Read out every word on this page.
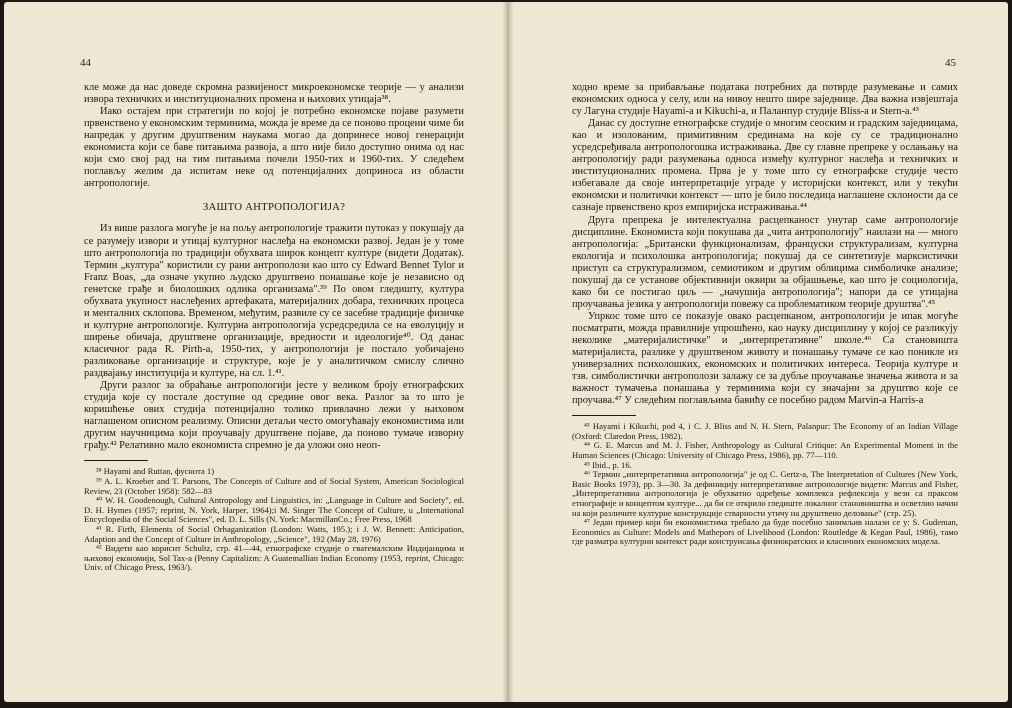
44

кле може да нас доведе скромна развијеност микроекономске теорије — у анализи извора техничких и институционалних промена и њихових утицаја³⁸.

Иако остајем при стратегији по којој је потребно економске појаве разумети првенствено у економским терминима, можда је време да се поново процени чиме би напредак у другим друштвеним наукама могао да допринесе новој генерацији економиста који се баве питањима развоја, а што није било доступно онима од нас који смо свој рад на тим питањима почели 1950-тих и 1960-тих. У следећем поглављу желим да испитам неке од потенцијалних доприноса из области антропологије.

ЗАШТО АНТРОПОЛОГИЈА?

Из више разлога могуће је на пољу антропологије тражити путоказ у покушају да се разумеју извори и утицај културног наслеђа на економски развој. Један је у томе што антропологија по традицији обухвата широк концепт културе (видети Додатак). Термин „култура" користили су рани антрополози као што су Edward Bennet Tylor и Franz Boas, „да означе укупно људско друштвено понашање које је независно од генетске грађе и биолошких одлика организама".³⁹ По овом гледишту, култура обухвата укупност наслеђених артефаката, материјалних добара, техничких процеса и менталних склопова. Временом, међутим, развиле су се засебне традиције физичке и културне антропологије. Културна антропологија усредсредила се на еволуцију и ширење обичаја, друштвене организације, вредности и идеологије⁴⁰. Од данас класичног рада R. Pirth-a, 1950-тих, у антропологији је постало уобичајено разликовање организације и структуре, које је у аналитичком смислу слично раздвајању институција и културе, на сл. 1.⁴¹.

Други разлог за обраћање антропологији јесте у великом броју етнографских студија које су постале доступне од средине овог века. Разлог за то што је коришћење ових студија потенцијално толико привлачно лежи у њиховом наглашеном описном реализму. Описни детаљи често омогућавају економистима или другим научницима који проучавају друштвене појаве, да поново тумаче изворну грађу.⁴² Релативно мало економиста спремно је да уложи оно неоп-

³⁸ Hayami and Ruttan, фуснота 1)

³⁹ A. L. Kroeber and T. Parsons, The Concepts of Culture and of Social System, American Sociological Review, 23 (October 1958): 582—83

⁴⁰ W. H. Goodenough, Cultural Antropology and Linguistics, in: „Language in Culture and Society", ed. D. H. Hymes (1957; reprint, N. York, Harper, 1964);і M. Singer The Concept of Culture, u „International Encyclopedia of the Social Sciences", ed. D. L. Sills (N. York: MacmillanCo.; Free Press, 1968

⁴¹ R. Firth, Elements of Social Orhaganization (London: Watts, 195.); і J. W. Bennett: Anticipation, Adaption and the Concept of Culture in Anthropology, „Science", 192 (May 28, 1976)

⁴² Видети као кориснт Schultz, стр. 41—44, етнографске студије о гватемалским Индијанцима и њиховој економији, Sol Tax-a (Penny Capitalizm: A Guatemallian Indian Economy (1953, reprint, Chicago: Univ. of Chicago Press, 1963/).

45

ходно време за прибављање података потребних да потврде разумевање и самих економских односа у селу, или на нивоу нешто шире заједнице. Два важна извјештаја су Лагуна студије Hayami-a и Kikuchi-a, и Паланпур студије Bliss-a и Stern-a.⁴³

Данас су доступне етнографске студије о многим сеоским и градским заједницама, као и изолованим, примитивним срединама на које су се традиционално усредсређивала антропологошка истраживања. Две су главне препреке у ослањању на антропологију ради разумевања односа између културног наслеђа и техничких и институционалних промена. Прва је у томе што су етнографске студије често избегавале да своје интерпретације уграде у историјски контекст, или у текући економски и политички контекст — што је било последица наглашене склоности да се сазнаје првенствено кроз емпиријска истраживања.⁴⁴

Друга препрека је интелектуална расцепканост унутар саме антропологије дисциплине. Економиста који покушава да „чита антропологију" наилази на — много антропологија: „Британски функционализам, француски структурализам, културна екологија и психолошка антропологија; покушај да се синтетизује марксистички приступ са структурализмом, семиотиком и другим облицима симболичке анализе; покушај да се установе објективнији оквири за објашњење, као што је социологија, како би се постигао циљ — „начушија антропологија"; напори да се утицајна проучавања језика у антропологији повежу са проблематиком теорије друштва".⁴⁵

Упркос томе што се показује овако расцепканом, антропологији је ипак могуће посматрати, можда правилније упрошћено, као науку дисциплину у којој се разликују неколике „материјалистичке" и „интерпретативне" школе.⁴⁶ Са становишта материјалиста, разлике у друштвеном животу и понашању тумаче се као поникле из универзалних психолошких, економских и политичких интереса. Теорија културе и тзв. симболистички антрополози залажу се за дубље проучавање значења живота и за важност тумачења понашања у терминима који су значајни за друштво које се проучава.⁴⁷ У следећим поглављима бавићу се посебно радом Marvin-a Harris-a

⁴³ Hayami i Kikuchi, pod 4, i C. J. Bliss and N. H. Stern, Palanpur: The Economy of an Indian Village (Oxford: Claredon Press, 1982).

⁴⁴ G. E. Marcus and M. J. Fisher, Anthropology as Cultural Critique: An Experimental Moment in the Human Sciences (Chicago: University of Chicago Press, 1986), pp. 77—110.

⁴⁵ Ibid., p. 16.

⁴⁶ Термин „интерпретативна антропологија" је од C. Gertz-a, The Interpretation of Cultures (New York, Basic Books 1973), pp. 3—30. За дефиницију интерпретативне антропологије видети: Marcus and Fisher, „Интерпретативна антропологија је обухватно одређење комплекса рефлексија у вези са праксом етнографије и концептом културе... да би се открило гледиште локалног становништва и осветлио начин на који различите културне конструкције стварности утичу на друштвено деловање" (стр. 25).

⁴⁷ Један пример који би економистима требало да буде посебно занимљив налази се у: S. Gudeman, Economics as Culture: Models and Mathepors of Livelihood (London: Routledge & Kegan Paul, 1986), тамо где разматра културни контекст ради конструисања физиократских и класичних економских модела.
